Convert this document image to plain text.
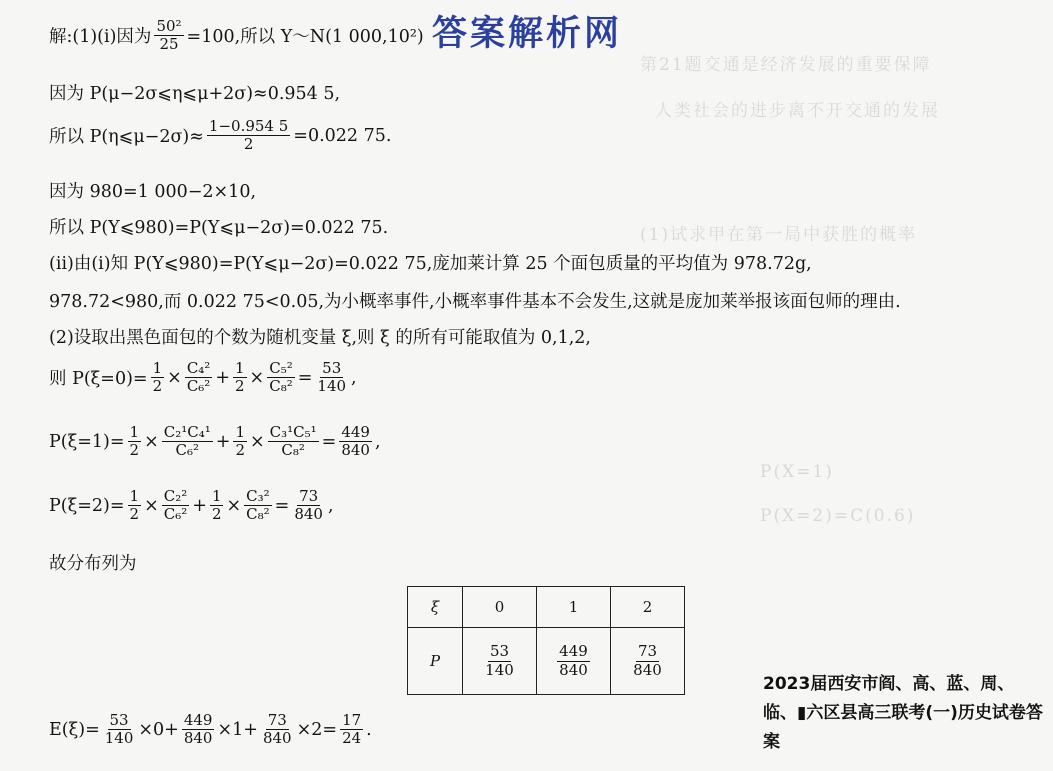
第21题交通是经济发展的重要保障
人类社会的进步离不开交通的发展
(1)试求甲在第一局中获胜的概率
P(X=1)
P(X=2)=C(0.6)
答案解析网
解:(1)(ⅰ)因为 $\frac{\text{50²}}{25} =100$,所以 Y～N(1 000,10²)
因为 P(μ−2σ⩽η⩽μ+2σ)≈0.954 5,
所以 P(η⩽μ−2σ)≈ $\frac{1-0.954 5}{2} =0.022$ 75.
因为 980=1 000−2×10,
所以 P(Y⩽980)=P(Y⩽μ−2σ)=0.022 75.
(ⅱ)由(ⅰ)知 P(Y⩽980)=P(Y⩽μ−2σ)=0.022 75,庞加莱计算 25 个面包质量的平均值为 978.72g,
978.72<980,而 0.022 75<0.05,为小概率事件,小概率事件基本不会发生,这就是庞加莱举报该面包师的理由.
(2)设取出黑色面包的个数为随机变量 ξ,则 ξ 的所有可能取值为 0,1,2,
则 $P(\xi=0)= \frac{1}{2} \times \frac{\text{C₄²}}{\text{C₆²}} + \frac{1}{2} \times \frac{\text{C₅²}}{\text{C₈²}} = \frac{53}{140}$ ,
$P(\xi=1)= \frac{1}{2} \times \frac{\text{C₂¹C₄¹}}{\text{C₆²}} + \frac{1}{2} \times \frac{\text{C₃¹C₅¹}}{\text{C₈²}} = \frac{449}{840}$ ,
$P(\xi=2)= \frac{1}{2} \times \frac{\text{C₂²}}{\text{C₆²}} + \frac{1}{2} \times \frac{\text{C₃²}}{\text{C₈²}} = \frac{73}{840}$ ,
故分布列为
ξ	0	1	2
P	$\frac{53}{140}$	$\frac{449}{840}$	$\frac{73}{840}$
$E(\xi)= \frac{53}{140} \times 0+ \frac{449}{840} \times 1+ \frac{73}{840} \times 2= \frac{17}{24}$ .
2023届西安市阎、高、蓝、周、临、▮六区县高三联考(一)历史试卷答案
